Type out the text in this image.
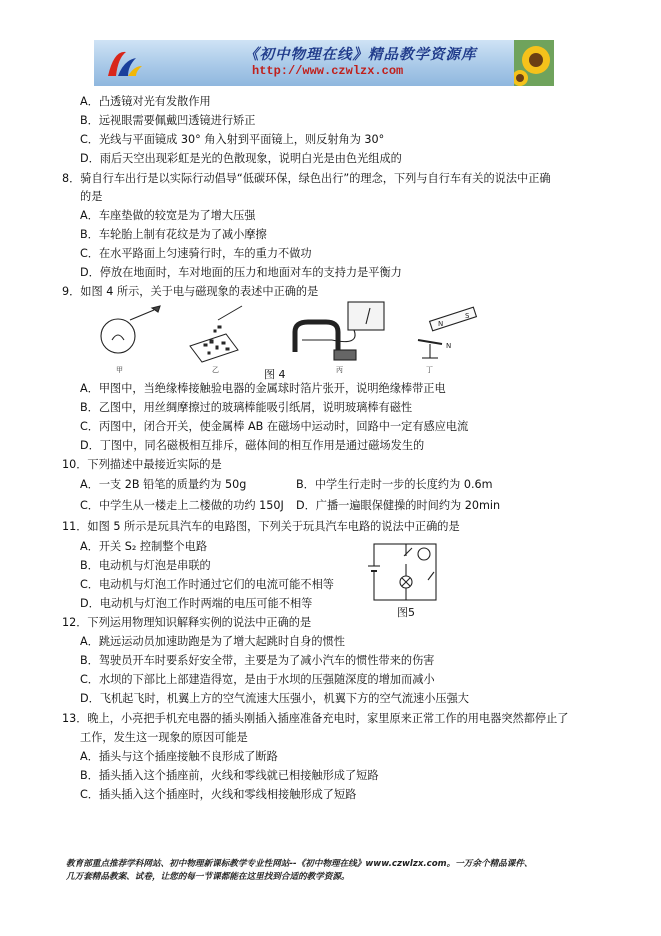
《初中物理在线》精品教学资源库
http://www.czwlzx.com
A．凸透镜对光有发散作用
B．远视眼需要佩戴凹透镜进行矫正
C．光线与平面镜成 30° 角入射到平面镜上，则反射角为 30°
D．雨后天空出现彩虹是光的色散现象，说明白光是由色光组成的
8．骑自行车出行是以实际行动倡导“低碳环保，绿色出行”的理念，下列与自行车有关的说法中正确
的是
A．车座垫做的较宽是为了增大压强
B．车轮胎上制有花纹是为了减小摩擦
C．在水平路面上匀速骑行时，车的重力不做功
D．停放在地面时，车对地面的压力和地面对车的支持力是平衡力
9．如图 4 所示，关于电与磁现象的表述中正确的是
N
S
N
甲	乙	丙	丁
图 4
A．甲图中，当绝缘棒接触验电器的金属球时箔片张开，说明绝缘棒带正电
B．乙图中，用丝绸摩擦过的玻璃棒能吸引纸屑，说明玻璃棒有磁性
C．丙图中，闭合开关，使金属棒 AB 在磁场中运动时，回路中一定有感应电流
D．丁图中，同名磁极相互排斥，磁体间的相互作用是通过磁场发生的
10．下列描述中最接近实际的是
A．一支 2B 铅笔的质量约为 50g	B．中学生行走时一步的长度约为 0.6m
C．中学生从一楼走上二楼做的功约 150J D．广播一遍眼保健操的时间约为 20min
11．如图 5 所示是玩具汽车的电路图，下列关于玩具汽车电路的说法中正确的是
A．开关 S₂ 控制整个电路
B．电动机与灯泡是串联的
C．电动机与灯泡工作时通过它们的电流可能不相等
D．电动机与灯泡工作时两端的电压可能不相等
图5
12．下列运用物理知识解释实例的说法中正确的是
A．跳远运动员加速助跑是为了增大起跳时自身的惯性
B．驾驶员开车时要系好安全带，主要是为了减小汽车的惯性带来的伤害
C．水坝的下部比上部建造得宽，是由于水坝的压强随深度的增加而减小
D．飞机起飞时，机翼上方的空气流速大压强小，机翼下方的空气流速小压强大
13．晚上，小亮把手机充电器的插头刚插入插座准备充电时，家里原来正常工作的用电器突然都停止了
工作，发生这一现象的原因可能是
A．插头与这个插座接触不良形成了断路
B．插头插入这个插座前，火线和零线就已相接触形成了短路
C．插头插入这个插座时，火线和零线相接触形成了短路
教育部重点推荐学科网站、初中物理新课标教学专业性网站--《初中物理在线》www.czwlzx.com。一万余个精品课件、
几万套精品教案、试卷，让您的每一节课都能在这里找到合适的教学资源。
